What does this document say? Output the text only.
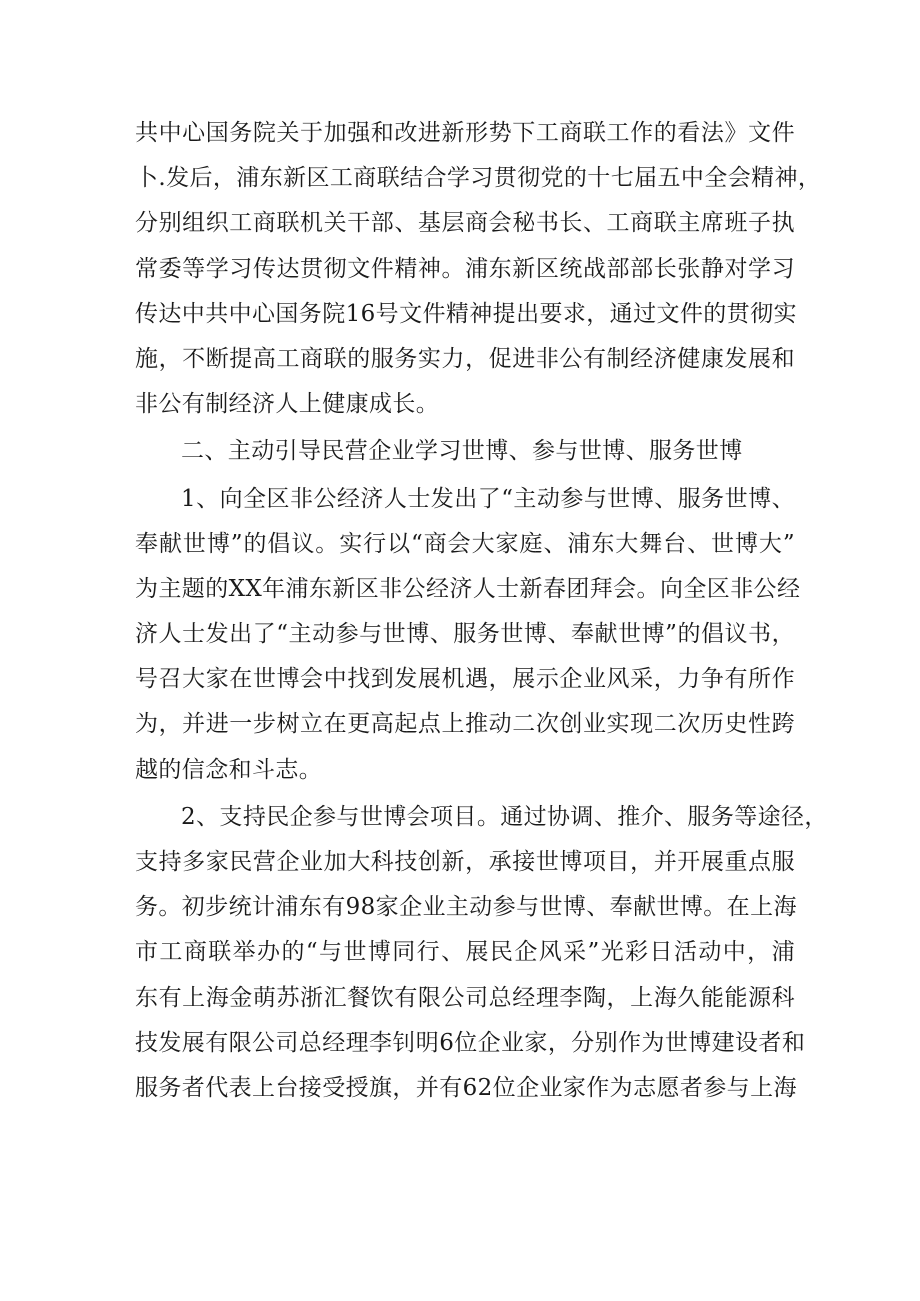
共中心国务院关于加强和改进新形势下工商联工作的看法》文件
卜.发后，浦东新区工商联结合学习贯彻党的十七届五中全会精神，
分别组织工商联机关干部、基层商会秘书长、工商联主席班子执
常委等学习传达贯彻文件精神。浦东新区统战部部长张静对学习
传达中共中心国务院16号文件精神提出要求，通过文件的贯彻实
施，不断提高工商联的服务实力，促进非公有制经济健康发展和
非公有制经济人上健康成长。
二、主动引导民营企业学习世博、参与世博、服务世博
1、向全区非公经济人士发出了“主动参与世博、服务世博、
奉献世博”的倡议。实行以“商会大家庭、浦东大舞台、世博大”
为主题的XX年浦东新区非公经济人士新春团拜会。向全区非公经
济人士发出了“主动参与世博、服务世博、奉献世博”的倡议书，
号召大家在世博会中找到发展机遇，展示企业风采，力争有所作
为，并进一步树立在更高起点上推动二次创业实现二次历史性跨
越的信念和斗志。
2、支持民企参与世博会项目。通过协调、推介、服务等途径，
支持多家民营企业加大科技创新，承接世博项目，并开展重点服
务。初步统计浦东有98家企业主动参与世博、奉献世博。在上海
市工商联举办的“与世博同行、展民企风采”光彩日活动中，浦
东有上海金萌苏浙汇餐饮有限公司总经理李陶，上海久能能源科
技发展有限公司总经理李钊明6位企业家，分别作为世博建设者和
服务者代表上台接受授旗，并有62位企业家作为志愿者参与上海
